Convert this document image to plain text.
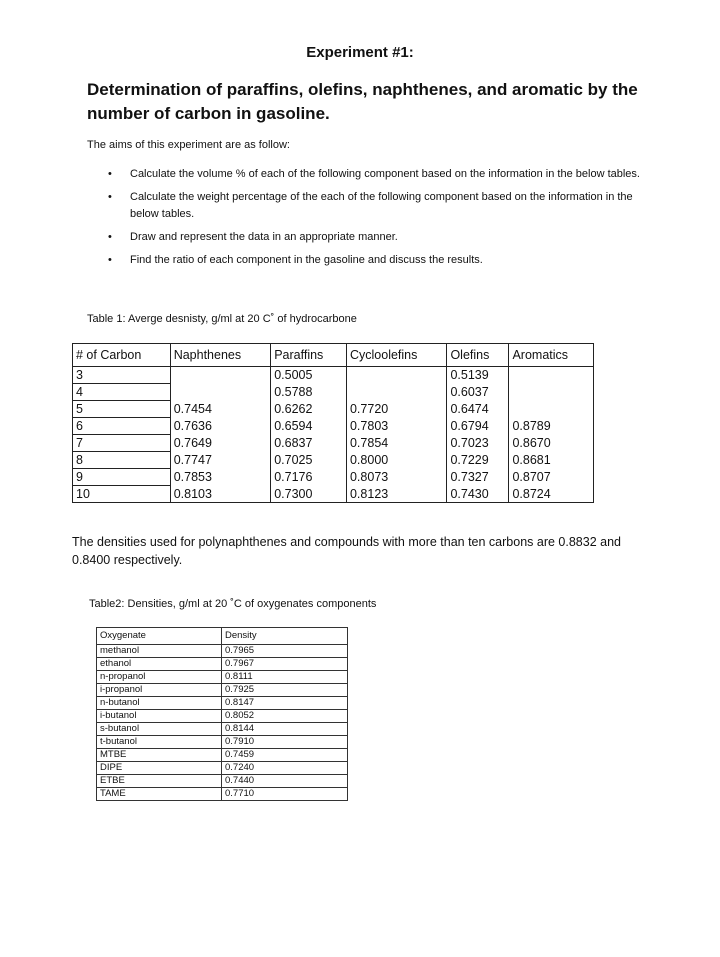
Experiment #1:
Determination of paraffins, olefins, naphthenes, and aromatic by the number of carbon in gasoline.
The aims of this experiment are as follow:
• Calculate the volume % of each of the following component based on the information in the below tables.
• Calculate the weight percentage of the each of the following component based on the information in the below tables.
• Draw and represent the data in an appropriate manner.
• Find the ratio of each component in the gasoline and discuss the results.
Table 1: Averge desnisty, g/ml at 20 C˚ of hydrocarbone
# of Carbon	Naphthenes	Paraffins	Cycloolefins	Olefins	Aromatics
3		0.5005		0.5139	
4		0.5788		0.6037	
5	0.7454	0.6262	0.7720	0.6474	
6	0.7636	0.6594	0.7803	0.6794	0.8789
7	0.7649	0.6837	0.7854	0.7023	0.8670
8	0.7747	0.7025	0.8000	0.7229	0.8681
9	0.7853	0.7176	0.8073	0.7327	0.8707
10	0.8103	0.7300	0.8123	0.7430	0.8724
The densities used for polynaphthenes and compounds with more than ten carbons are 0.8832 and 0.8400 respectively.
Table2: Densities, g/ml at 20 ˚C of oxygenates components
Oxygenate	Density
methanol	0.7965
ethanol	0.7967
n-propanol	0.8111
i-propanol	0.7925
n-butanol	0.8147
i-butanol	0.8052
s-butanol	0.8144
t-butanol	0.7910
MTBE	0.7459
DIPE	0.7240
ETBE	0.7440
TAME	0.7710
